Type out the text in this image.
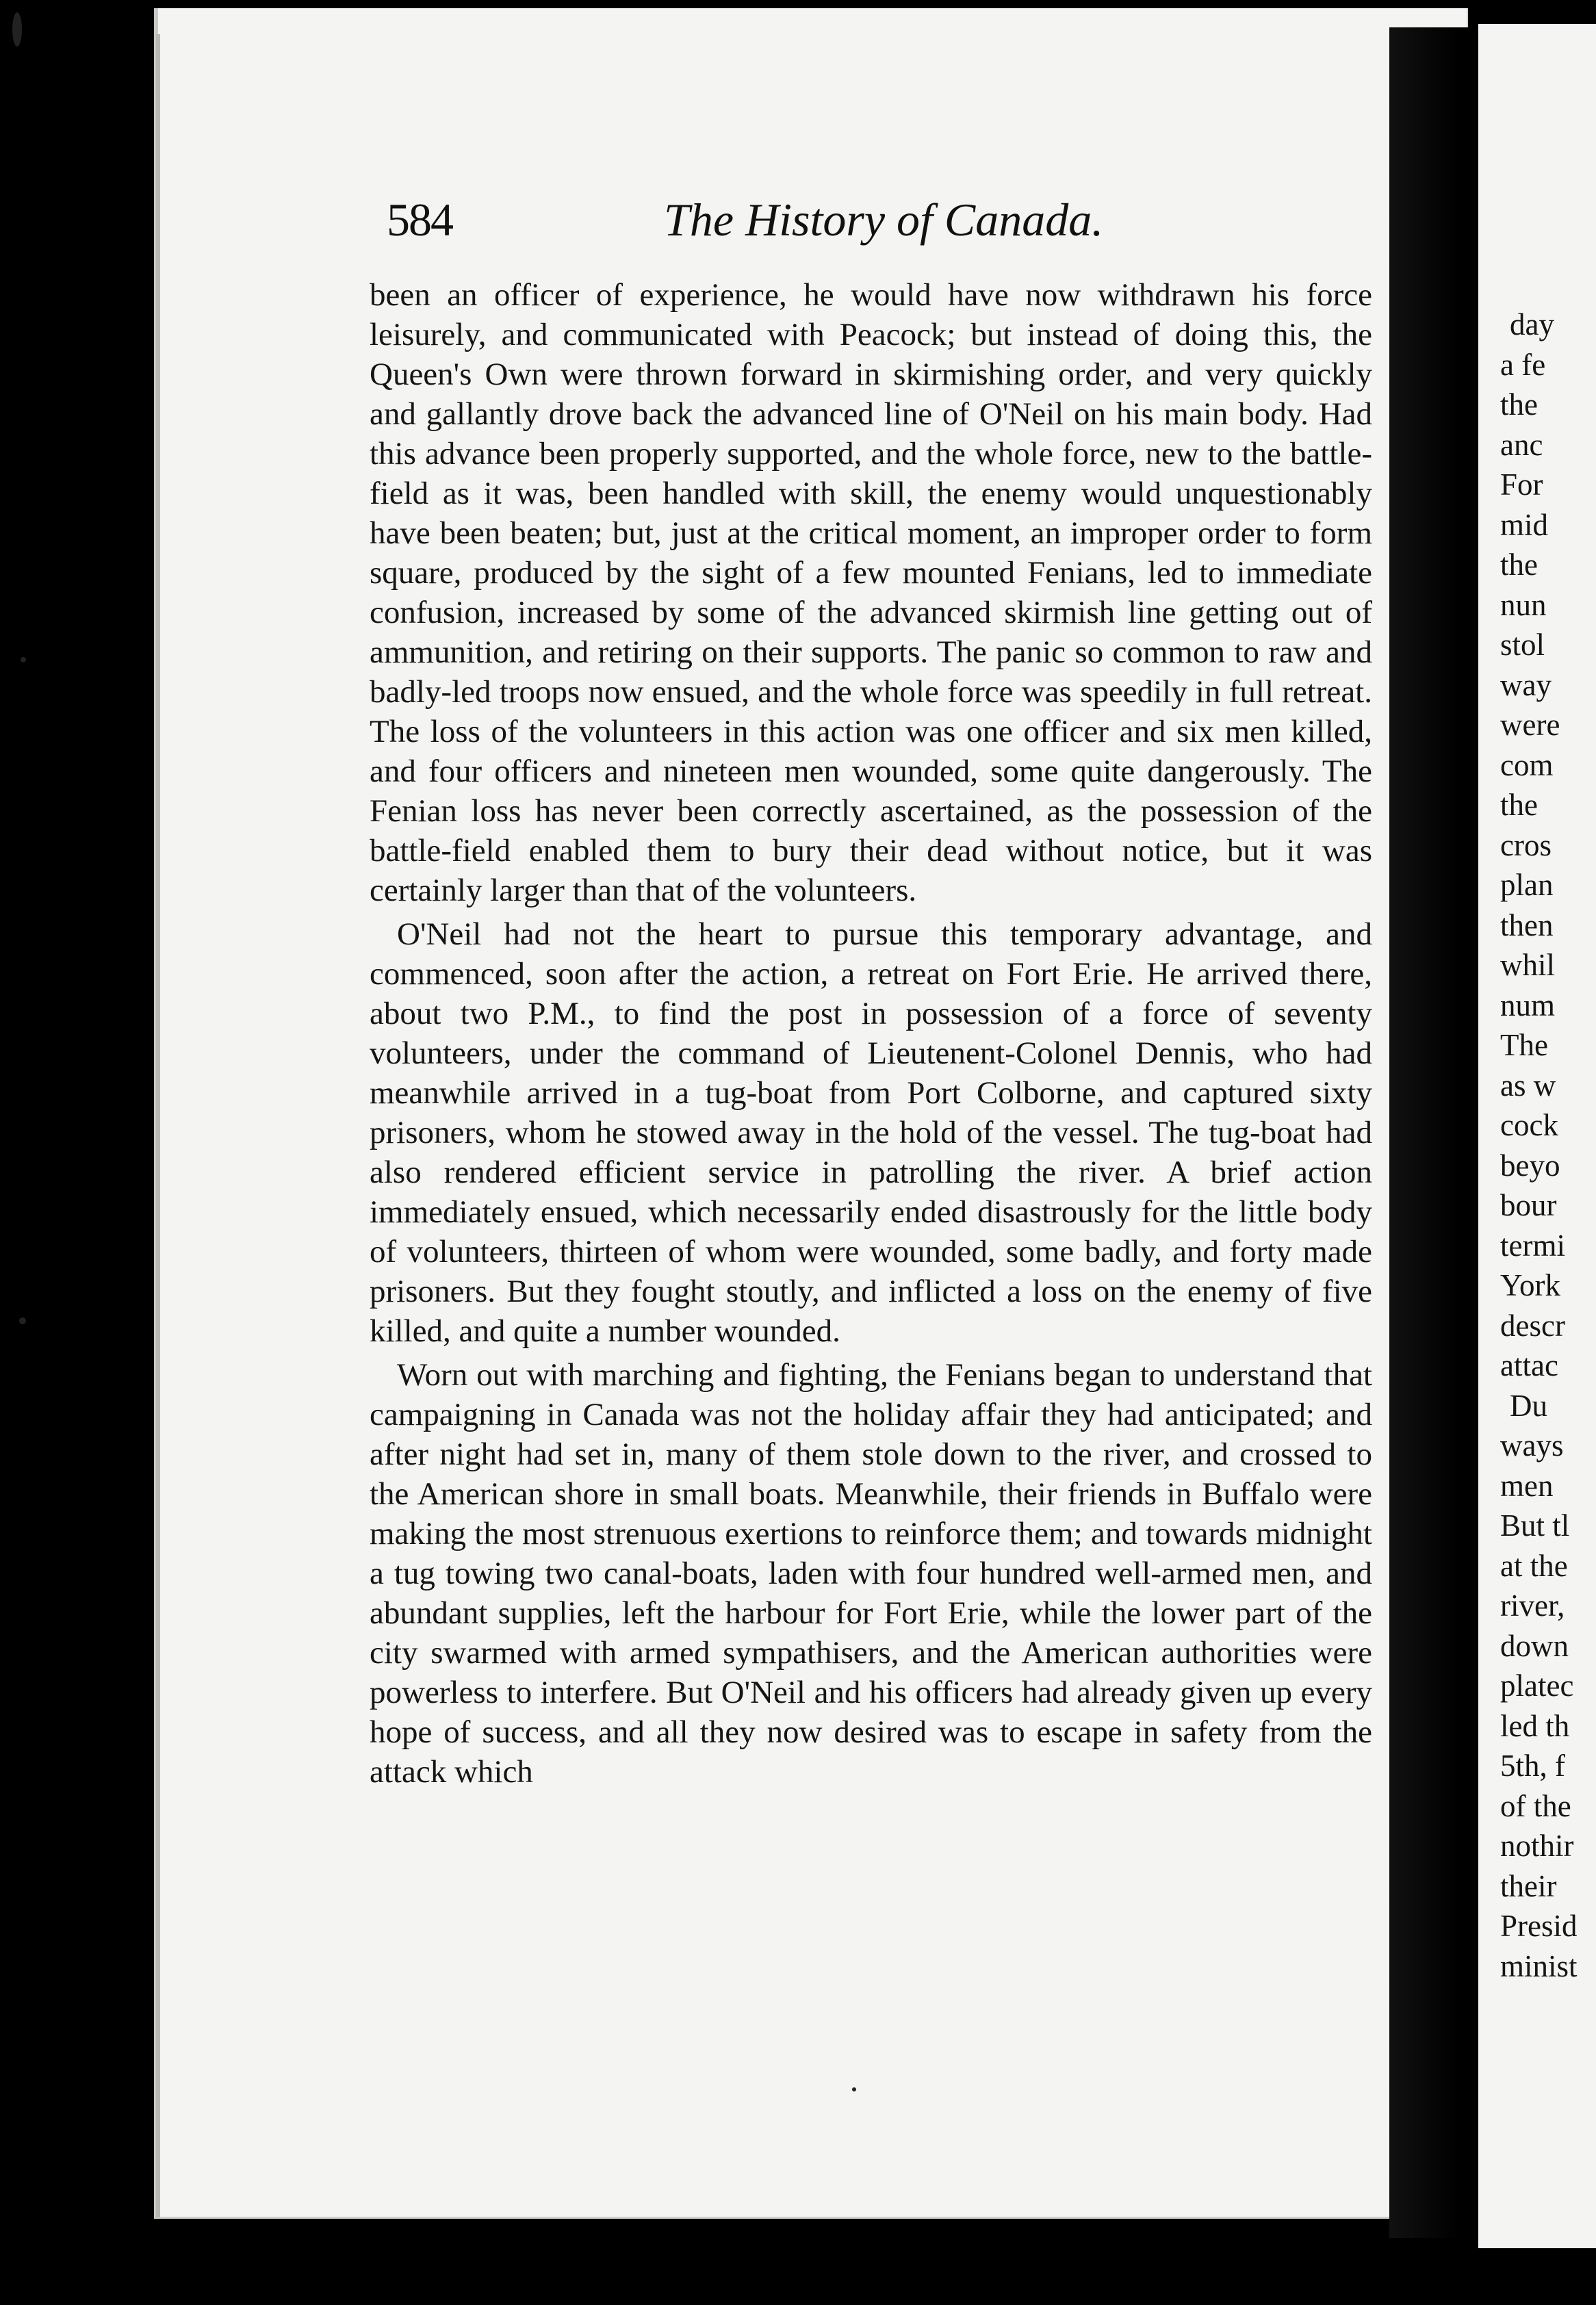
day
a fe
the
anc
For
mid
the
nun
stol
way
were
com
the
cros
plan
then
whil
num
The
as w
cock
beyo
bour
termi
York
descr
attac
Du
ways
men
But tl
at the
river,
down
platec
led th
5th, f
of the
nothir
their
Presid
minist
584	The History of Canada.

been an officer of experience, he would have now withdrawn his force leisurely, and communicated with Peacock; but instead of doing this, the Queen's Own were thrown forward in skirmishing order, and very quickly and gallantly drove back the advanced line of O'Neil on his main body. Had this advance been properly supported, and the whole force, new to the battle-field as it was, been handled with skill, the enemy would unquestionably have been beaten; but, just at the critical moment, an improper order to form square, produced by the sight of a few mounted Fenians, led to immediate confusion, increased by some of the advanced skirmish line getting out of ammunition, and retiring on their supports. The panic so common to raw and badly-led troops now ensued, and the whole force was speedily in full retreat. The loss of the volunteers in this action was one officer and six men killed, and four officers and nineteen men wounded, some quite dangerously. The Fenian loss has never been correctly ascertained, as the possession of the battle-field enabled them to bury their dead without notice, but it was certainly larger than that of the volunteers.

O'Neil had not the heart to pursue this temporary advantage, and commenced, soon after the action, a retreat on Fort Erie. He arrived there, about two P.M., to find the post in possession of a force of seventy volunteers, under the command of Lieutenent-Colonel Dennis, who had meanwhile arrived in a tug-boat from Port Colborne, and captured sixty prisoners, whom he stowed away in the hold of the vessel. The tug-boat had also rendered efficient service in patrolling the river. A brief action immediately ensued, which necessarily ended disastrously for the little body of volunteers, thirteen of whom were wounded, some badly, and forty made prisoners. But they fought stoutly, and inflicted a loss on the enemy of five killed, and quite a number wounded.

Worn out with marching and fighting, the Fenians began to understand that campaigning in Canada was not the holiday affair they had anticipated; and after night had set in, many of them stole down to the river, and crossed to the American shore in small boats. Meanwhile, their friends in Buffalo were making the most strenuous exertions to reinforce them; and towards midnight a tug towing two canal-boats, laden with four hundred well-armed men, and abundant supplies, left the harbour for Fort Erie, while the lower part of the city swarmed with armed sympathisers, and the American authorities were powerless to interfere. But O'Neil and his officers had already given up every hope of success, and all they now desired was to escape in safety from the attack which
